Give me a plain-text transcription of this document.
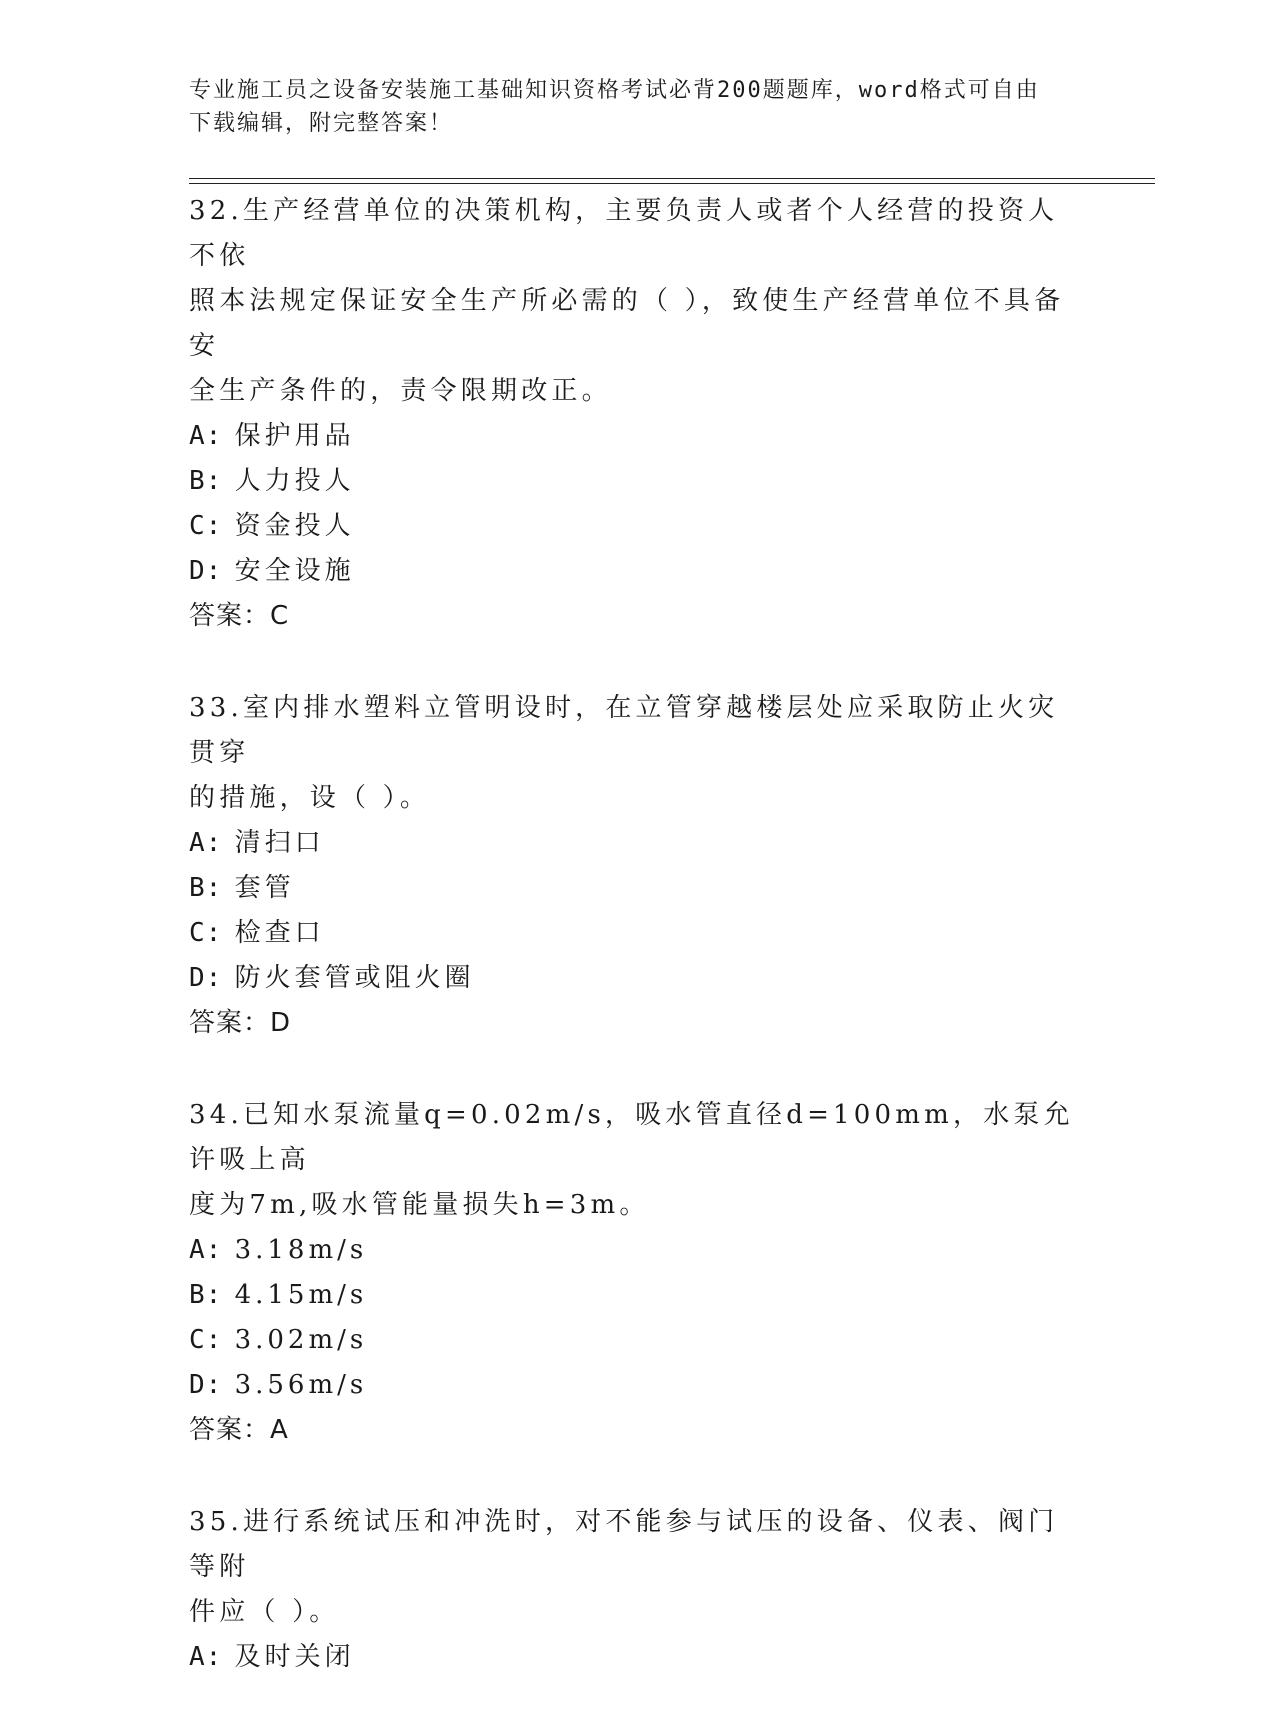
专业施工员之设备安装施工基础知识资格考试必背200题题库，word格式可自由
下载编辑，附完整答案！

32.生产经营单位的决策机构，主要负责人或者个人经营的投资人不依

照本法规定保证安全生产所必需的（ ），致使生产经营单位不具备安

全生产条件的，责令限期改正。

A: 保护用品

B: 人力投人

C: 资金投人

D: 安全设施

答案：C

33.室内排水塑料立管明设时，在立管穿越楼层处应采取防止火灾贯穿

的措施，设（ ）。

A: 清扫口

B: 套管

C: 检查口

D: 防火套管或阻火圈

答案：D

34.已知水泵流量q=0.02m/s，吸水管直径d=100mm，水泵允许吸上高

度为7m,吸水管能量损失h=3m。

A: 3.18m/s

B: 4.15m/s

C: 3.02m/s

D: 3.56m/s

答案：A

35.进行系统试压和冲洗时，对不能参与试压的设备、仪表、阀门等附

件应（ ）。

A: 及时关闭
